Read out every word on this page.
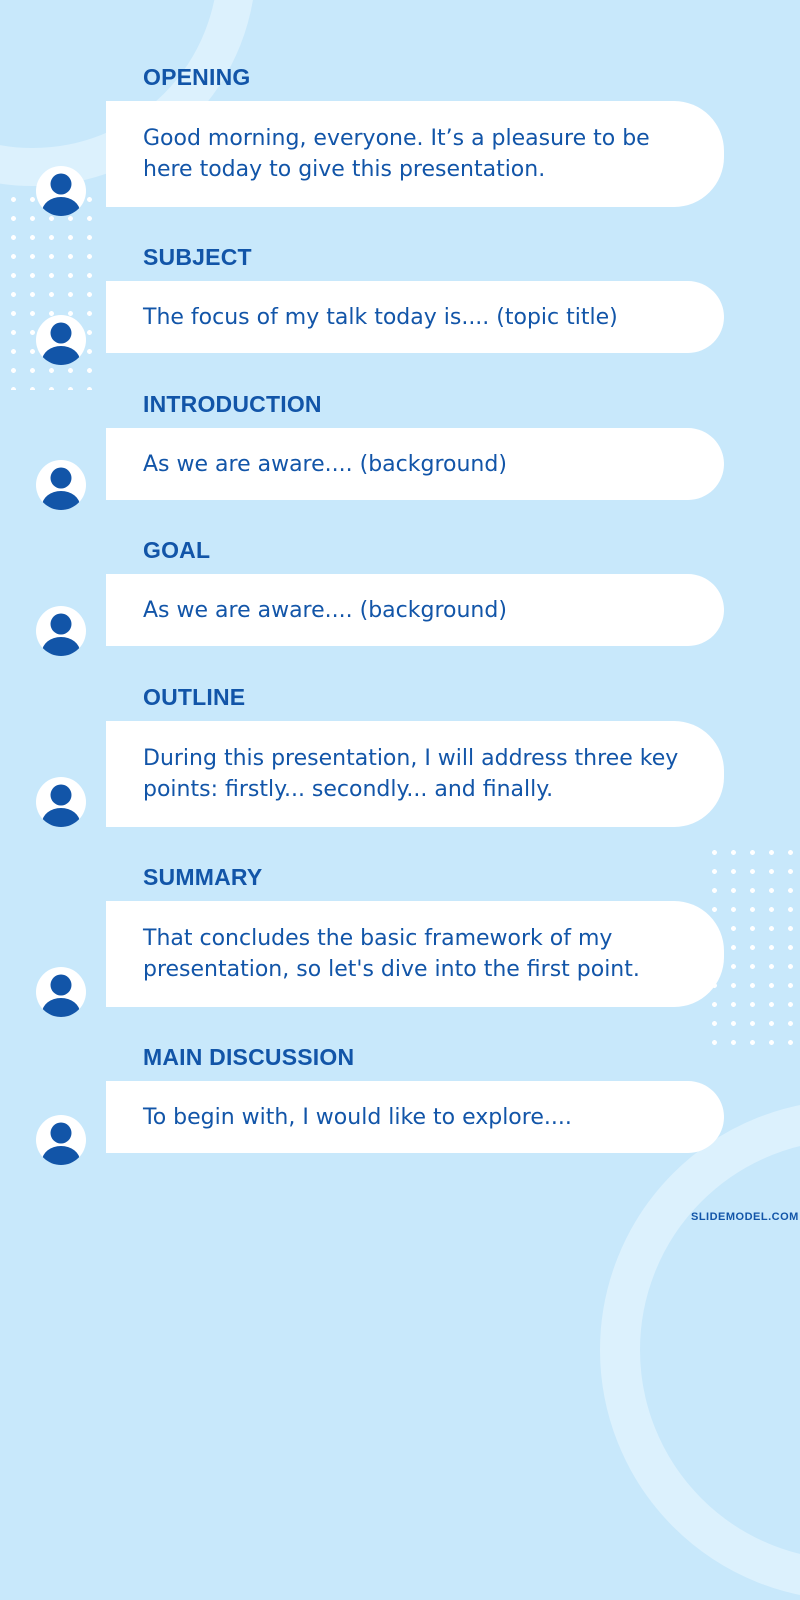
OPENING
Good morning, everyone. It’s a pleasure to be here today to give this presentation.
SUBJECT
The focus of my talk today is.... (topic title)
INTRODUCTION
As we are aware.... (background)
GOAL
As we are aware.... (background)
OUTLINE
During this presentation, I will address three key points: firstly... secondly... and finally.
SUMMARY
That concludes the basic framework of my presentation, so let's dive into the first point.
MAIN DISCUSSION
To begin with, I would like to explore....
SLIDEMODEL.COM
